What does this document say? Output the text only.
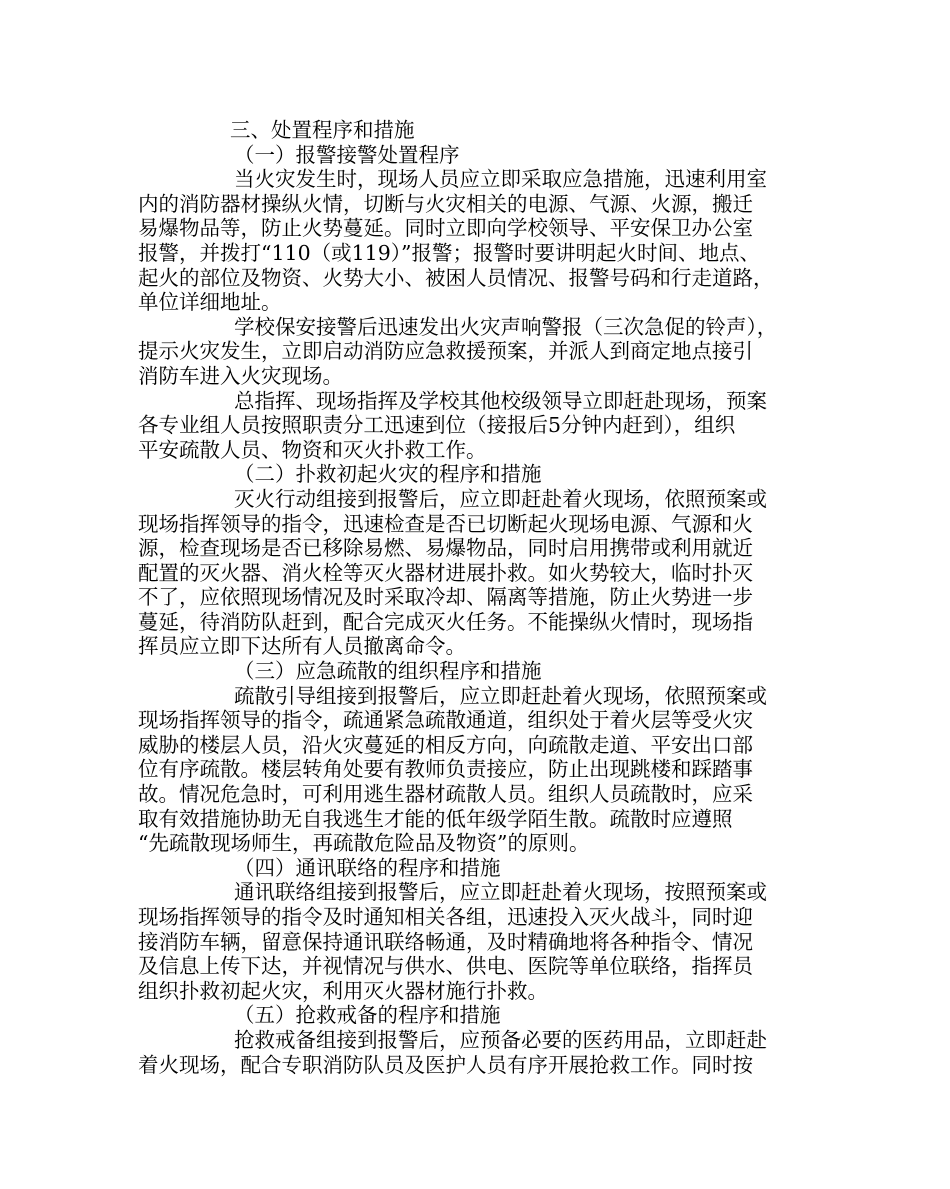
三、处置程序和措施
（一）报警接警处置程序
当火灾发生时，现场人员应立即采取应急措施，迅速利用室
内的消防器材操纵火情，切断与火灾相关的电源、气源、火源，搬迁
易爆物品等，防止火势蔓延。同时立即向学校领导、平安保卫办公室
报警，并拨打“110（或119）”报警；报警时要讲明起火时间、地点、
起火的部位及物资、火势大小、被困人员情况、报警号码和行走道路，
单位详细地址。
学校保安接警后迅速发出火灾声响警报（三次急促的铃声），
提示火灾发生，立即启动消防应急救援预案，并派人到商定地点接引
消防车进入火灾现场。
总指挥、现场指挥及学校其他校级领导立即赶赴现场，预案
各专业组人员按照职责分工迅速到位（接报后5分钟内赶到），组织
平安疏散人员、物资和灭火扑救工作。
（二）扑救初起火灾的程序和措施
灭火行动组接到报警后，应立即赶赴着火现场，依照预案或
现场指挥领导的指令，迅速检查是否已切断起火现场电源、气源和火
源，检查现场是否已移除易燃、易爆物品，同时启用携带或利用就近
配置的灭火器、消火栓等灭火器材进展扑救。如火势较大，临时扑灭
不了，应依照现场情况及时采取冷却、隔离等措施，防止火势进一步
蔓延，待消防队赶到，配合完成灭火任务。不能操纵火情时，现场指
挥员应立即下达所有人员撤离命令。
（三）应急疏散的组织程序和措施
疏散引导组接到报警后，应立即赶赴着火现场，依照预案或
现场指挥领导的指令，疏通紧急疏散通道，组织处于着火层等受火灾
威胁的楼层人员，沿火灾蔓延的相反方向，向疏散走道、平安出口部
位有序疏散。楼层转角处要有教师负责接应，防止出现跳楼和踩踏事
故。情况危急时，可利用逃生器材疏散人员。组织人员疏散时，应采
取有效措施协助无自我逃生才能的低年级学陌生散。疏散时应遵照
“先疏散现场师生，再疏散危险品及物资”的原则。
（四）通讯联络的程序和措施
通讯联络组接到报警后，应立即赶赴着火现场，按照预案或
现场指挥领导的指令及时通知相关各组，迅速投入灭火战斗，同时迎
接消防车辆，留意保持通讯联络畅通，及时精确地将各种指令、情况
及信息上传下达，并视情况与供水、供电、医院等单位联络，指挥员
组织扑救初起火灾，利用灭火器材施行扑救。
（五）抢救戒备的程序和措施
抢救戒备组接到报警后，应预备必要的医药用品，立即赶赴
着火现场，配合专职消防队员及医护人员有序开展抢救工作。同时按
